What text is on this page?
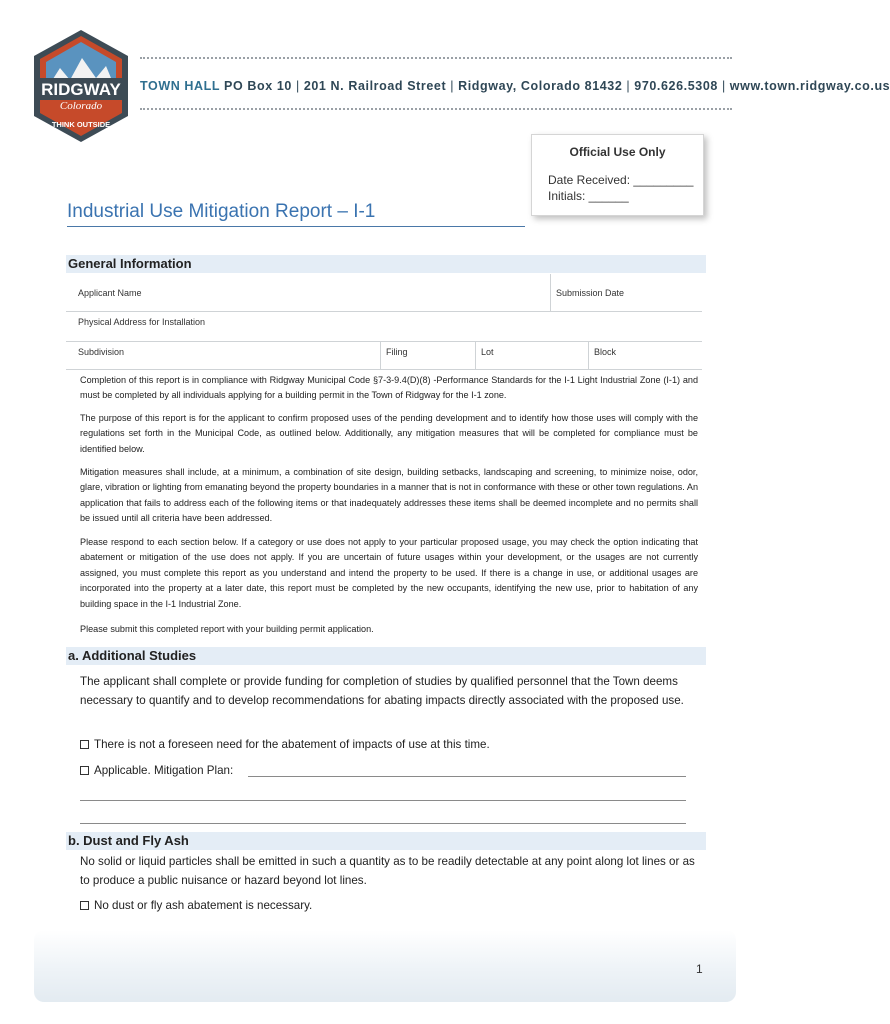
RIDGWAY
Colorado
THINK OUTSIDE
TOWN HALL PO Box 10 | 201 N. Railroad Street | Ridgway, Colorado 81432 | 970.626.5308 | www.town.ridgway.co.us
Official Use Only
Date Received: _________
Initials: ______
Industrial Use Mitigation Report – I-1
General Information
Applicant Name	Submission Date
Physical Address for Installation
Subdivision	Filing	Lot	Block
Completion of this report is in compliance with Ridgway Municipal Code §7-3-9.4(D)(8) -Performance Standards for the I-1 Light Industrial Zone (I-1) and must be completed by all individuals applying for a building permit in the Town of Ridgway for the I-1 zone.
The purpose of this report is for the applicant to confirm proposed uses of the pending development and to identify how those uses will comply with the regulations set forth in the Municipal Code, as outlined below. Additionally, any mitigation measures that will be completed for compliance must be identified below.
Mitigation measures shall include, at a minimum, a combination of site design, building setbacks, landscaping and screening, to minimize noise, odor, glare, vibration or lighting from emanating beyond the property boundaries in a manner that is not in conformance with these or other town regulations. An application that fails to address each of the following items or that inadequately addresses these items shall be deemed incomplete and no permits shall be issued until all criteria have been addressed.
Please respond to each section below. If a category or use does not apply to your particular proposed usage, you may check the option indicating that abatement or mitigation of the use does not apply. If you are uncertain of future usages within your development, or the usages are not currently assigned, you must complete this report as you understand and intend the property to be used. If there is a change in use, or additional usages are incorporated into the property at a later date, this report must be completed by the new occupants, identifying the new use, prior to habitation of any building space in the I-1 Industrial Zone.
Please submit this completed report with your building permit application.
a. Additional Studies
The applicant shall complete or provide funding for completion of studies by qualified personnel that the Town deems necessary to quantify and to develop recommendations for abating impacts directly associated with the proposed use.
There is not a foreseen need for the abatement of impacts of use at this time.
Applicable. Mitigation Plan:
b. Dust and Fly Ash
No solid or liquid particles shall be emitted in such a quantity as to be readily detectable at any point along lot lines or as to produce a public nuisance or hazard beyond lot lines.
No dust or fly ash abatement is necessary.
1
